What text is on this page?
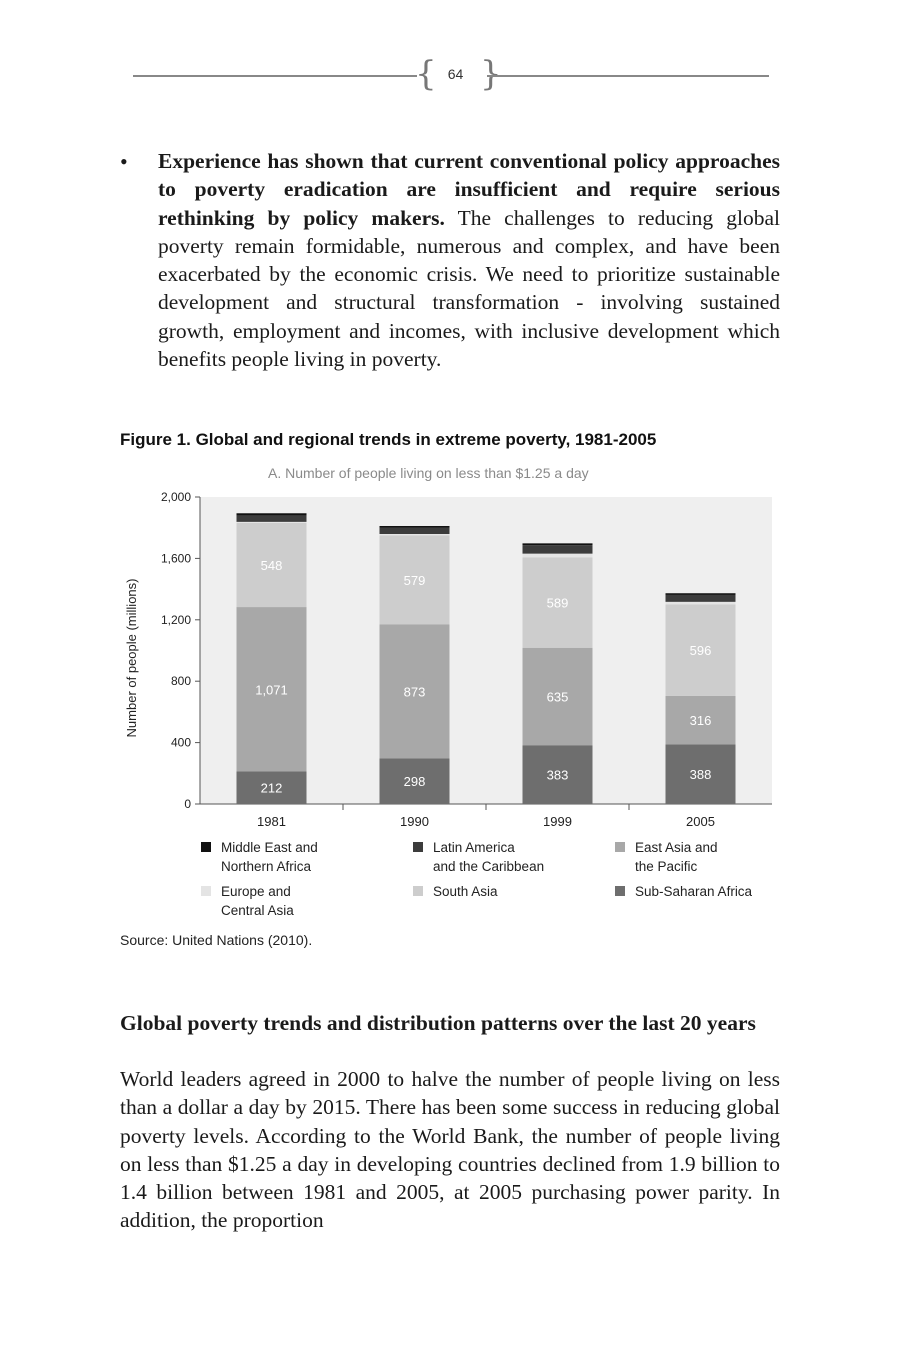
{ 64 }
• Experience has shown that current conventional policy approaches to poverty eradication are insufficient and require serious rethinking by policy makers. The challenges to reducing global poverty remain formidable, numerous and complex, and have been exacerbated by the economic crisis. We need to prioritize sustainable development and structural transformation - involving sustained growth, employment and incomes, with inclusive development which benefits people living in poverty.
Figure 1. Global and regional trends in extreme poverty, 1981-2005
A. Number of people living on less than $1.25 a day
Number of people (millions)
0
400
800
1,200
1,600
2,000
1981	1990	1999	2005
212
1,071
548
298
873
579
383
635
589
388
316
596
Middle East and
Northern Africa
Latin America
and the Caribbean
East Asia and
the Pacific
Europe and
Central Asia
South Asia	Sub-Saharan Africa
Source: United Nations (2010).
Global poverty trends and distribution patterns over the last 20 years
World leaders agreed in 2000 to halve the number of people living on less than a dollar a day by 2015. There has been some success in reducing global poverty levels. According to the World Bank, the number of people living on less than $1.25 a day in developing countries declined from 1.9 billion to 1.4 billion between 1981 and 2005, at 2005 purchasing power parity. In addition, the proportion
